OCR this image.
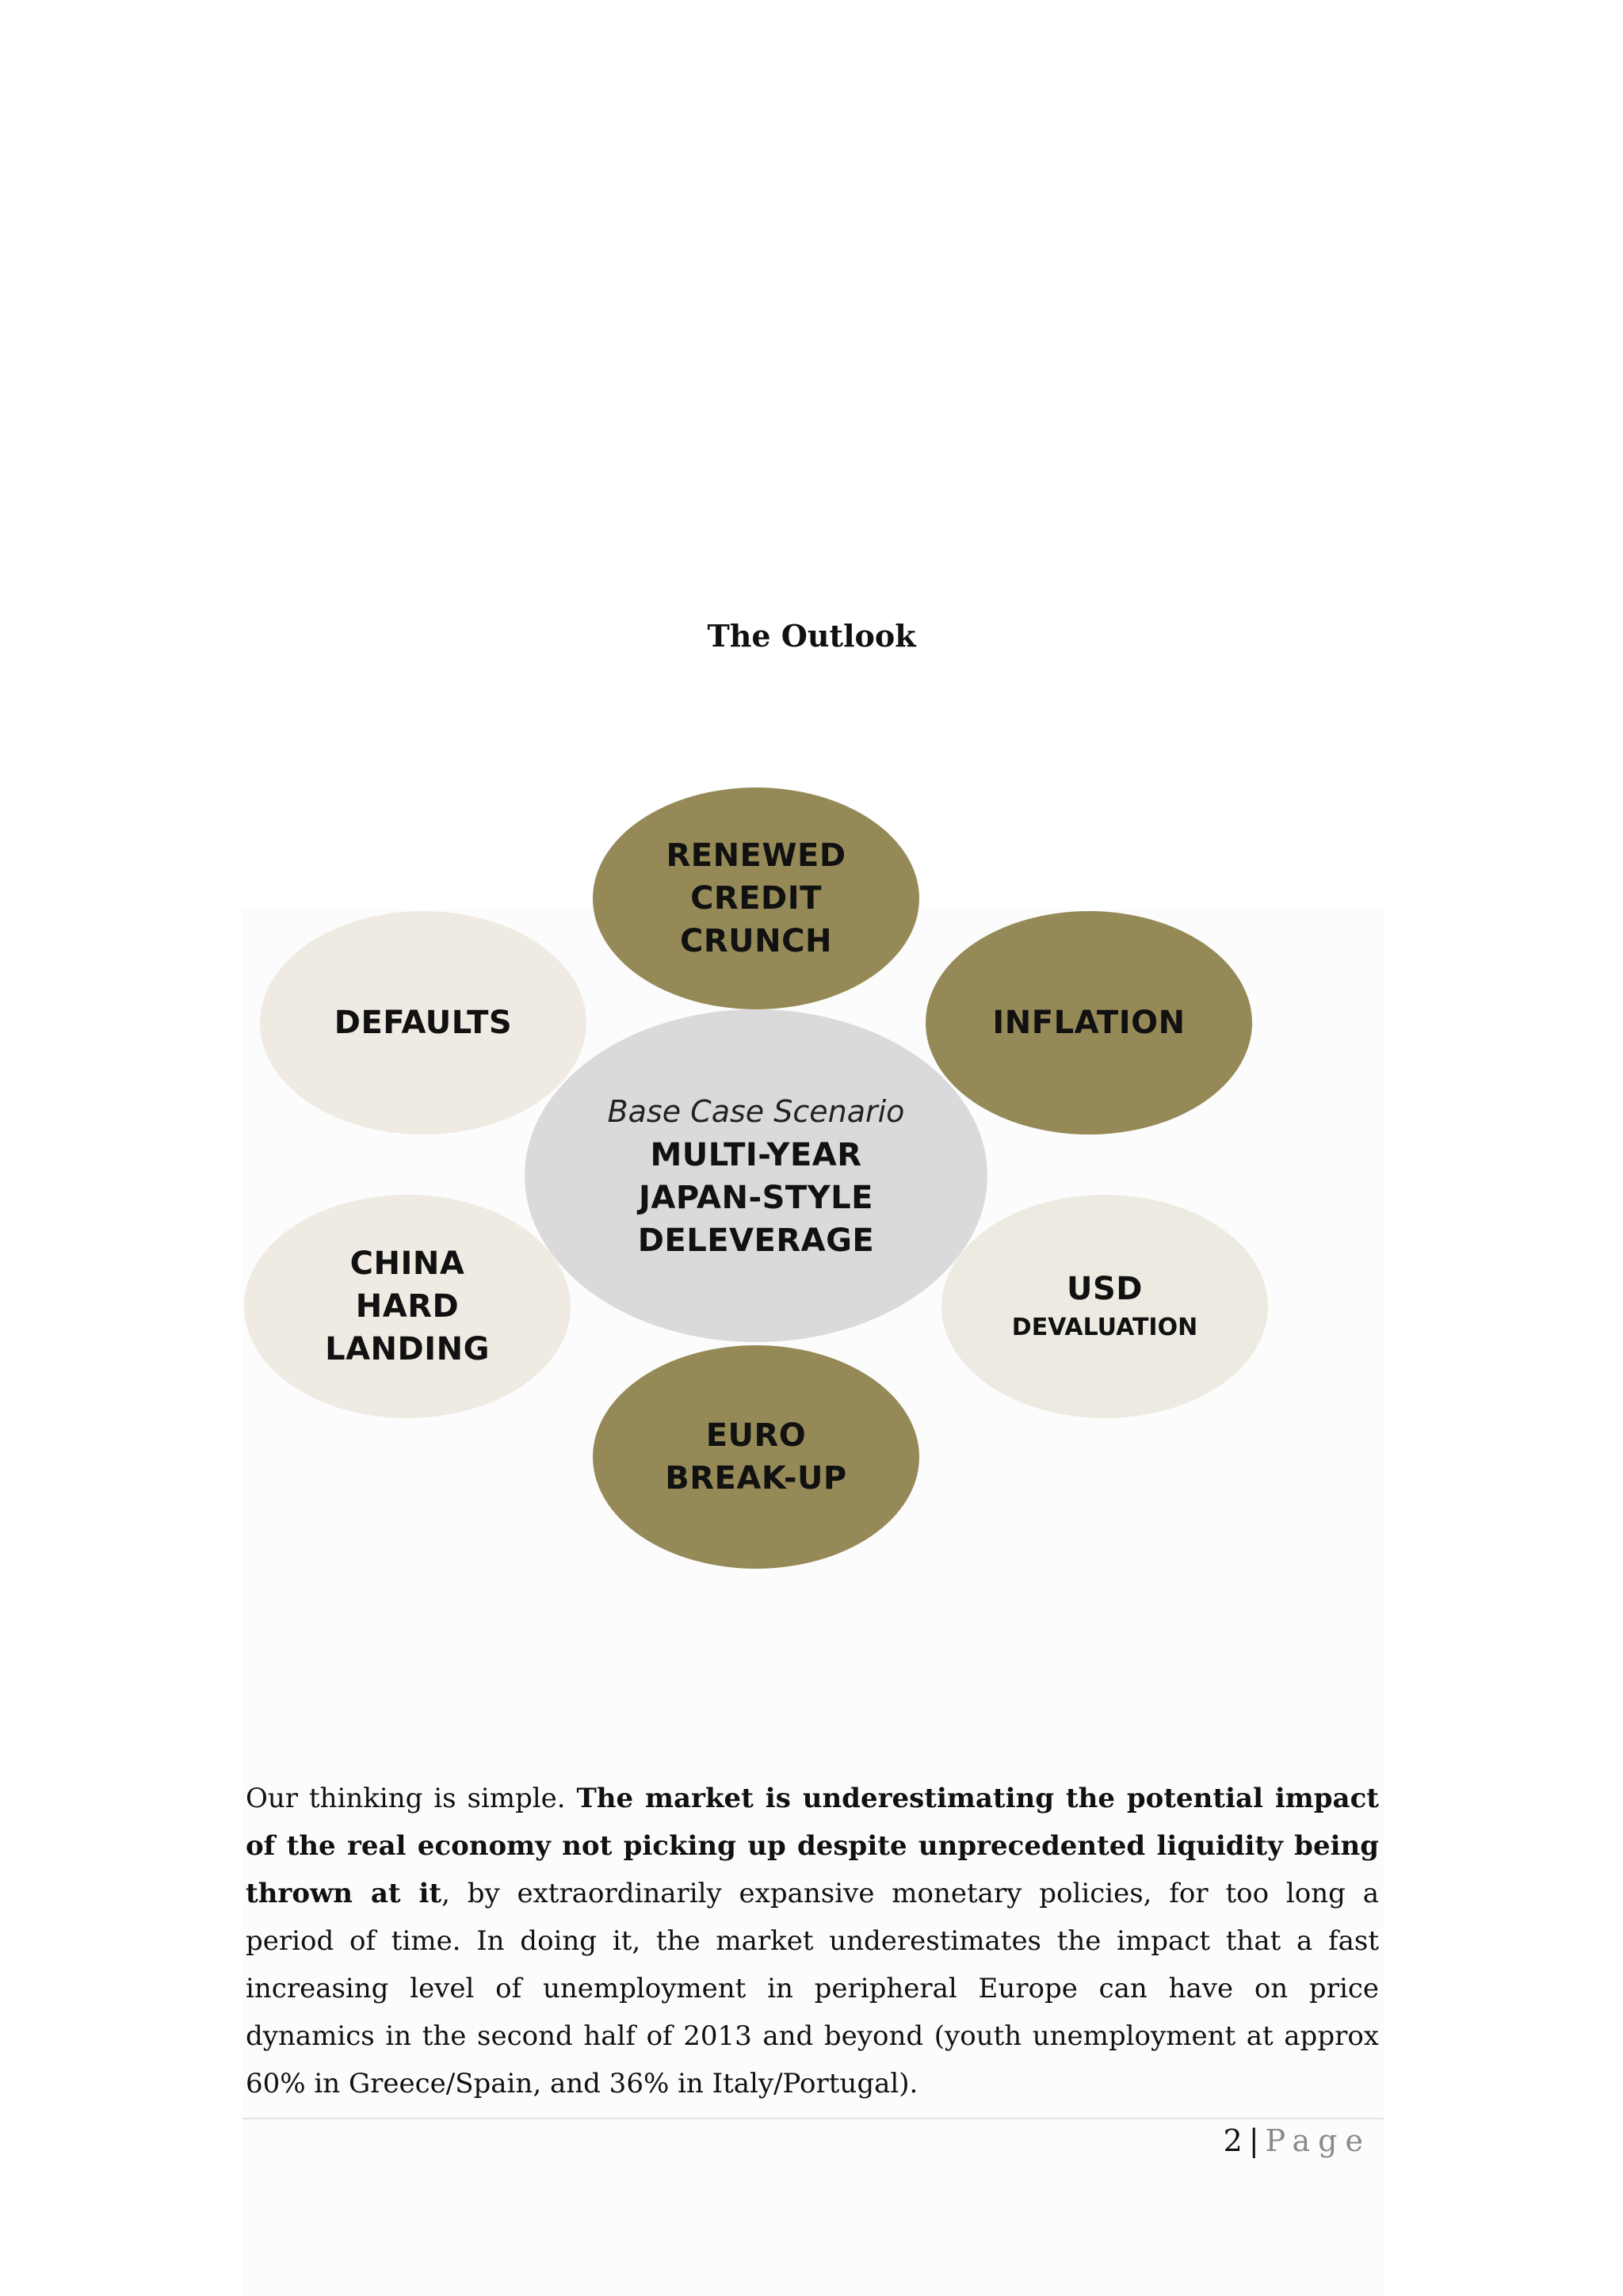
The Outlook
RENEWED
CREDIT
CRUNCH
DEFAULTS	INFLATION
CHINA
HARD
LANDING
USD
DEVALUATION
EURO
BREAK-UP
Base Case Scenario
MULTI-YEAR
JAPAN-STYLE
DELEVERAGE
Our thinking is simple. The market is underestimating the potential impact of the real economy not picking up despite unprecedented liquidity being thrown at it, by extraordinarily expansive monetary policies, for too long a period of time. In doing it, the market underestimates the impact that a fast increasing level of unemployment in peripheral Europe can have on price dynamics in the second half of 2013 and beyond (youth unemployment at approx 60% in Greece/Spain, and 36% in Italy/Portugal).
2 | Page
